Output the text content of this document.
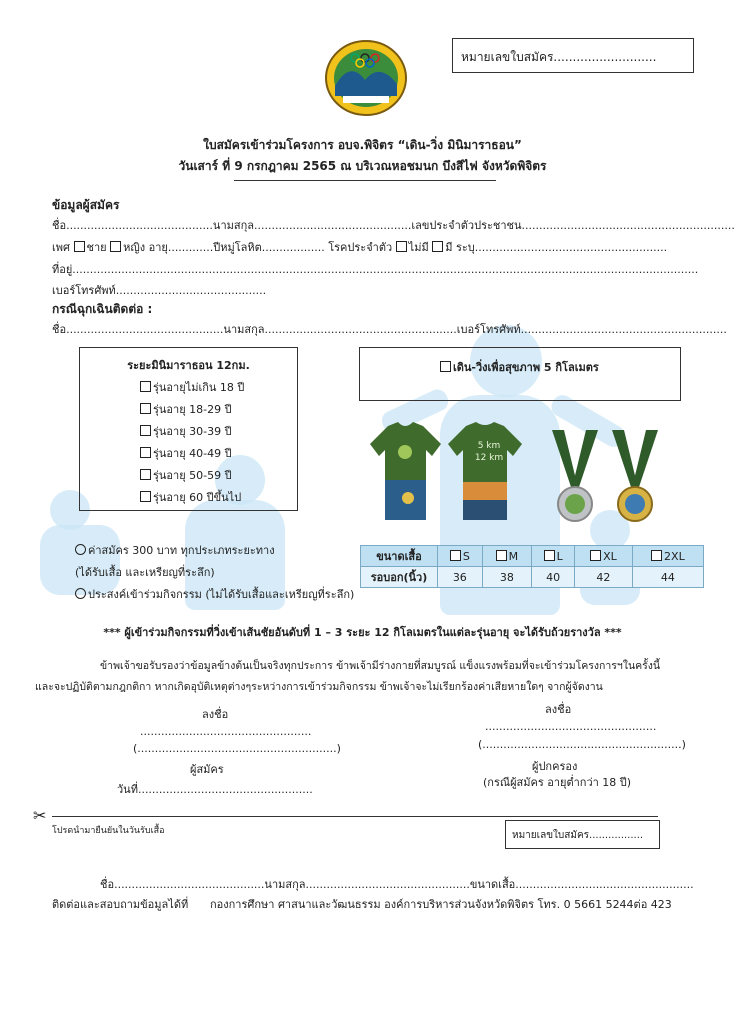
หมายเลขใบสมัคร...........................
ใบสมัครเข้าร่วมโครงการ อบจ.พิจิตร “เดิน-วิ่ง มินิมาราธอน”
วันเสาร์ ที่ 9 กรกฎาคม 2565 ณ บริเวณหอชมนก บึงสีไฟ จังหวัดพิจิตร
ข้อมูลผู้สมัคร
ชื่อ..........................................นามสกุล.............................................เลขประจำตัวประชาชน.............................................................
เพศ ชาย หญิง อายุ.............ปีหมู่โลหิต.................. โรคประจำตัว ไม่มี มี ระบุ.......................................................
ที่อยู่...................................................................................................................................................................................
เบอร์โทรศัพท์...........................................
กรณีฉุกเฉินติดต่อ :
ชื่อ.............................................นามสกุล.......................................................เบอร์โทรศัพท์...........................................................
ระยะมินิมาราธอน 12กม.
รุ่นอายุไม่เกิน 18 ปี
รุ่นอายุ 18-29 ปี
รุ่นอายุ 30-39 ปี
รุ่นอายุ 40-49 ปี
รุ่นอายุ 50-59 ปี
รุ่นอายุ 60 ปีขึ้นไป
เดิน-วิ่งเพื่อสุขภาพ 5 กิโลเมตร
5 km 12 km
ค่าสมัคร 300 บาท ทุกประเภทระยะทาง
(ได้รับเสื้อ และเหรียญที่ระลึก)
ประสงค์เข้าร่วมกิจกรรม (ไม่ได้รับเสื้อและเหรียญที่ระลึก)
ขนาดเสื้อ	S	M	L	XL	2XL
รอบอก(นิ้ว)	36	38	40	42	44
*** ผู้เข้าร่วมกิจกรรมที่วิ่งเข้าเส้นชัยอันดับที่ 1 – 3 ระยะ 12 กิโลเมตรในแต่ละรุ่นอายุ จะได้รับถ้วยรางวัล ***
ข้าพเจ้าขอรับรองว่าข้อมูลข้างต้นเป็นจริงทุกประการ ข้าพเจ้ามีร่างกายที่สมบูรณ์ แข็งแรงพร้อมที่จะเข้าร่วมโครงการฯในครั้งนี้
และจะปฏิบัติตามกฎกติกา หากเกิดอุบัติเหตุต่างๆระหว่างการเข้าร่วมกิจกรรม ข้าพเจ้าจะไม่เรียกร้องค่าเสียหายใดๆ จากผู้จัดงาน
ลงชื่อ
.................................................
(.........................................................)
ผู้สมัคร
วันที่..................................................
ลงชื่อ
.................................................
(.........................................................)
ผู้ปกครอง
(กรณีผู้สมัคร อายุต่ำกว่า 18 ปี)
✂
โปรดนำมายืนยันในวันรับเสื้อ	หมายเลขใบสมัคร.................
ชื่อ...........................................นามสกุล...............................................ขนาดเสื้อ...................................................
ติดต่อและสอบถามข้อมูลได้ที่ กองการศึกษา ศาสนาและวัฒนธรรม องค์การบริหารส่วนจังหวัดพิจิตร โทร. 0 5661 5244ต่อ 423
